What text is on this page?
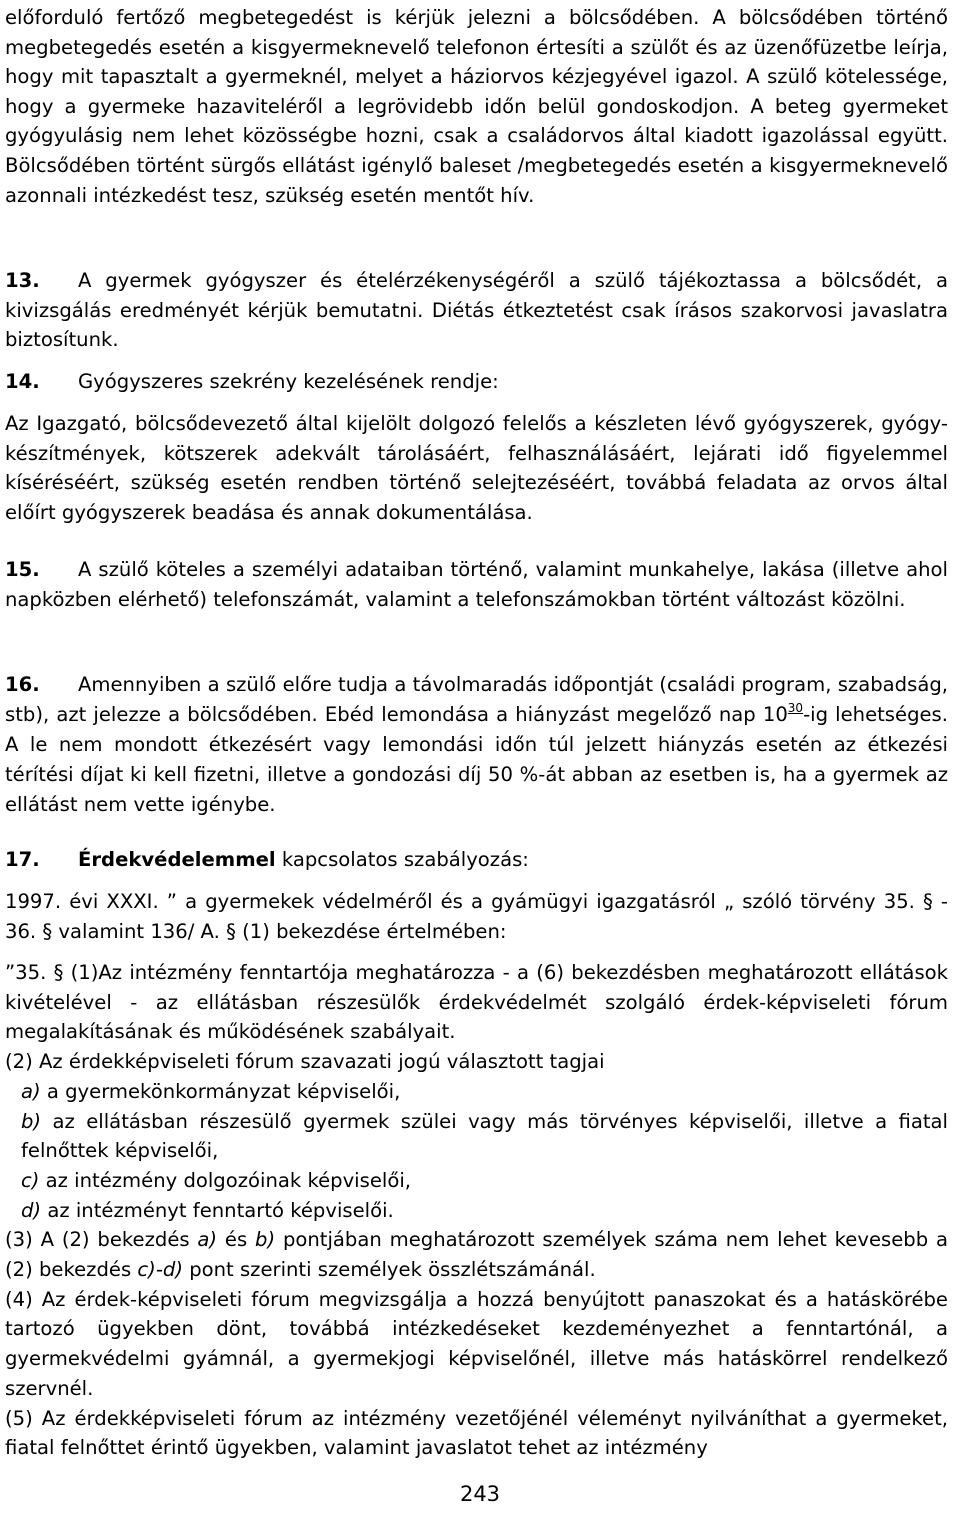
előforduló fertőző megbetegedést is kérjük jelezni a bölcsődében. A bölcsődében történő megbetegedés esetén a kisgyermeknevelő telefonon értesíti a szülőt és az üzenőfüzetbe leírja, hogy mit tapasztalt a gyermeknél, melyet a háziorvos kézjegyével igazol. A szülő kötelessége, hogy a gyermeke hazaviteléről a legrövidebb időn belül gondoskodjon. A beteg gyermeket gyógyulásig nem lehet közösségbe hozni, csak a családorvos által kiadott igazolással együtt. Bölcsődében történt sürgős ellátást igénylő baleset /megbetegedés esetén a kisgyermeknevelő azonnali intézkedést tesz, szükség esetén mentőt hív.
13. A gyermek gyógyszer és ételérzékenységéről a szülő tájékoztassa a bölcsődét, a kivizsgálás eredményét kérjük bemutatni. Diétás étkeztetést csak írásos szakorvosi javaslatra biztosítunk.
14. Gyógyszeres szekrény kezelésének rendje:
Az Igazgató, bölcsődevezető által kijelölt dolgozó felelős a készleten lévő gyógyszerek, gyógy-készítmények, kötszerek adekvált tárolásáért, felhasználásáért, lejárati idő figyelemmel kíséréséért, szükség esetén rendben történő selejtezéséért, továbbá feladata az orvos által előírt gyógyszerek beadása és annak dokumentálása.
15. A szülő köteles a személyi adataiban történő, valamint munkahelye, lakása (illetve ahol napközben elérhető) telefonszámát, valamint a telefonszámokban történt változást közölni.
16. Amennyiben a szülő előre tudja a távolmaradás időpontját (családi program, szabadság, stb), azt jelezze a bölcsődében. Ebéd lemondása a hiányzást megelőző nap $10^{30}-ig$ lehetséges. A le nem mondott étkezésért vagy lemondási időn túl jelzett hiányzás esetén az étkezési térítési díjat ki kell fizetni, illetve a gondozási díj 50 %-át abban az esetben is, ha a gyermek az ellátást nem vette igénybe.
17. Érdekvédelemmel kapcsolatos szabályozás:
1997. évi XXXI. ” a gyermekek védelméről és a gyámügyi igazgatásról „ szóló törvény 35. § - 36. § valamint 136/ A. § (1) bekezdése értelmében:
”35. § (1)Az intézmény fenntartója meghatározza - a (6) bekezdésben meghatározott ellátások kivételével - az ellátásban részesülők érdekvédelmét szolgáló érdek-képviseleti fórum megalakításának és működésének szabályait.
(2) Az érdekképviseleti fórum szavazati jogú választott tagjai
a) a gyermekönkormányzat képviselői,
b) az ellátásban részesülő gyermek szülei vagy más törvényes képviselői, illetve a fiatal felnőttek képviselői,
c) az intézmény dolgozóinak képviselői,
d) az intézményt fenntartó képviselői.
(3) A (2) bekezdés a) és b) pontjában meghatározott személyek száma nem lehet kevesebb a (2) bekezdés c)-d) pont szerinti személyek összlétszámánál.
(4) Az érdek-képviseleti fórum megvizsgálja a hozzá benyújtott panaszokat és a hatáskörébe tartozó ügyekben dönt, továbbá intézkedéseket kezdeményezhet a fenntartónál, a gyermekvédelmi gyámnál, a gyermekjogi képviselőnél, illetve más hatáskörrel rendelkező szervnél.
(5) Az érdekképviseleti fórum az intézmény vezetőjénél véleményt nyilváníthat a gyermeket, fiatal felnőttet érintő ügyekben, valamint javaslatot tehet az intézmény
243
